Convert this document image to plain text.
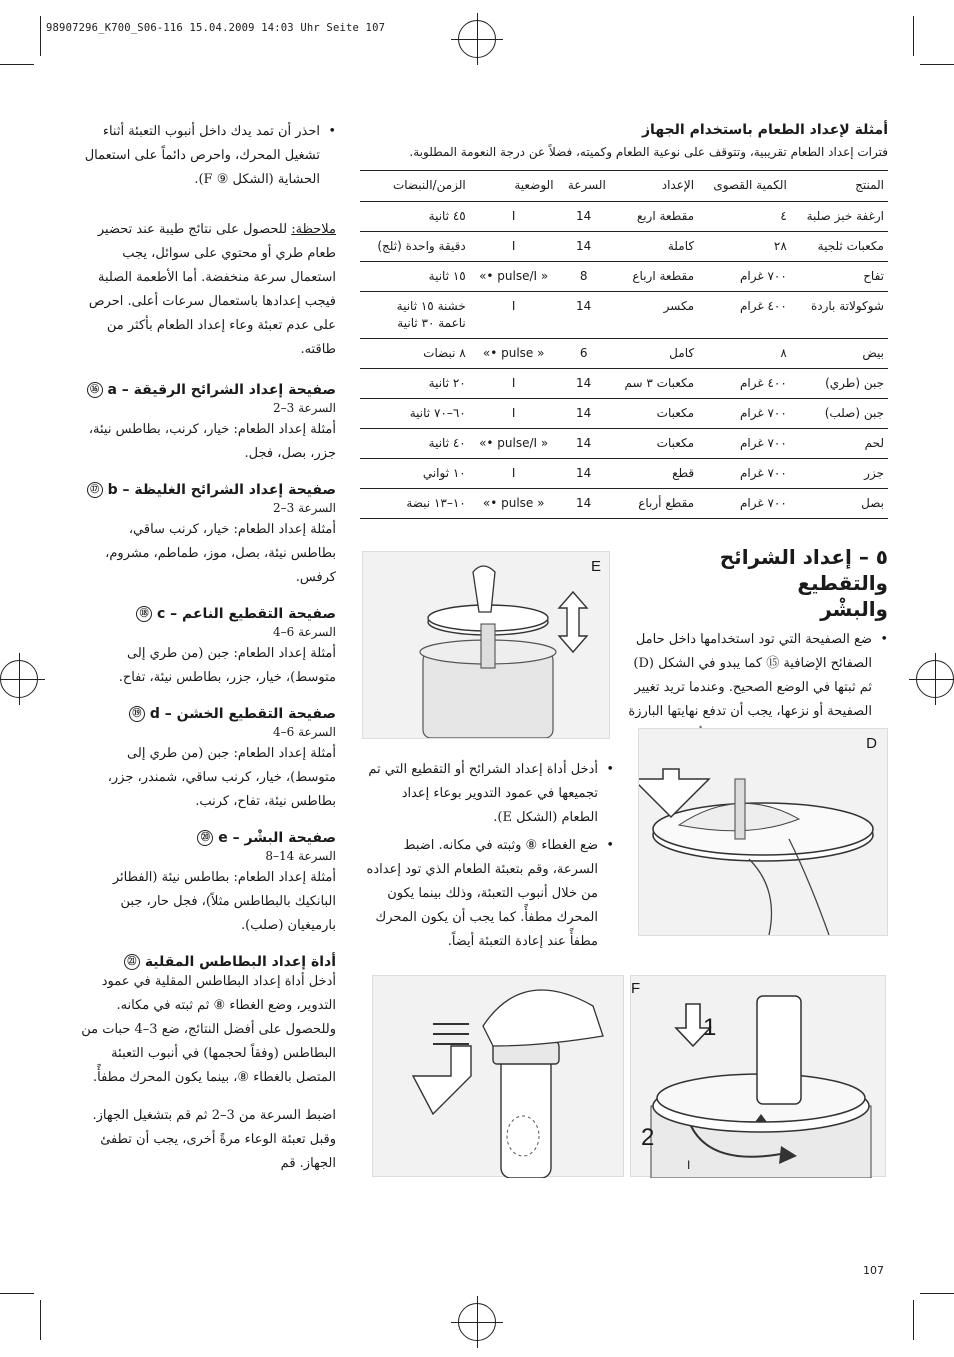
98907296_K700_S06-116 15.04.2009 14:03 Uhr Seite 107
•
احذر أن تمد يدك داخل أنبوب التعبئة أثناء تشغيل المحرك، واحرص دائماً على استعمال الحشاية (الشكل ⑨ F).
ملاحظة: للحصول على نتائج طيبة عند تحضير طعام طري أو محتوي على سوائل، يجب استعمال سرعة منخفضة. أما الأطعمة الصلبة فيجب إعدادها باستعمال سرعات أعلى. احرص على عدم تعبئة وعاء إعداد الطعام بأكثر من طاقته.
صفيحة إعداد الشرائح الرقيقة – a ⑯
السرعة 3–2
أمثلة إعداد الطعام: خيار، كرنب، بطاطس نيئة، جزر، بصل، فجل.
صفيحة إعداد الشرائح الغليظة – b ⑰
السرعة 3–2
أمثلة إعداد الطعام: خيار، كرنب ساقي، بطاطس نيئة، بصل، موز، طماطم، مشروم، كرفس.
صفيحة التقطيع الناعم – c ⑱
السرعة 6–4
أمثلة إعداد الطعام: جبن (من طري إلى متوسط)، خيار، جزر، بطاطس نيئة، تفاح.
صفيحة التقطيع الخشن – d ⑲
السرعة 6–4
أمثلة إعداد الطعام: جبن (من طري إلى متوسط)، خيار، كرنب ساقي، شمندر، جزر، بطاطس نيئة، تفاح، كرنب.
صفيحة البشْر – e ⑳
السرعة 14–8
أمثلة إعداد الطعام: بطاطس نيئة (الفطائر البانكيك بالبطاطس مثلاً)، فجل حار، جبن بارميغيان (صلب).
أداة إعداد البطاطس المقلية ㉑
أدخل أداة إعداد البطاطس المقلية في عمود التدوير، وضع الغطاء ⑧ ثم ثبته في مكانه. وللحصول على أفضل النتائج، ضع 3–4 حبات من البطاطس (وفقاً لحجمها) في أنبوب التعبئة المتصل بالغطاء ⑧، بينما يكون المحرك مطفأً.
اضبط السرعة من 3–2 ثم قم بتشغيل الجهاز. وقبل تعبئة الوعاء مرةً أخرى، يجب أن تطفئ الجهاز. قم
أمثلة لإعداد الطعام باستخدام الجهاز
فترات إعداد الطعام تقريبية، وتتوقف على نوعية الطعام وكميته، فضلاً عن درجة النعومة المطلوبة.
المنتج	الكمية القصوى	الإعداد	السرعة	الوضعية	الزمن/النبضات
ارغفة خبز صلبة	٤	مقطعة اربع	14	I	٤٥ ثانية
مكعبات ثلجية	٢٨	كاملة	14	I	دقيقة واحدة (ثلج)
تفاح	٧٠٠ غرام	مقطعة ارباع	8	« pulse/I •»	١٥ ثانية
شوكولاتة باردة	٤٠٠ غرام	مكسر	14	I	خشنة ١٥ ثانية
ناعمة ٣٠ ثانية
بيض	٨	كامل	6	« pulse •»	٨ نبضات
جبن (طري)	٤٠٠ غرام	مكعبات ٣ سم	14	I	٢٠ ثانية
جبن (صلب)	٧٠٠ غرام	مكعبات	14	I	٦٠–٧٠ ثانية
لحم	٧٠٠ غرام	مكعبات	14	« pulse/I •»	٤٠ ثانية
جزر	٧٠٠ غرام	قطع	14	I	١٠ ثواني
بصل	٧٠٠ غرام	مقطع أرباع	14	« pulse •»	١٠–١٣ نبضة
E	٥ – إعداد الشرائح والتقطيع
والبشْر
•
ضع الصفيحة التي تود استخدامها داخل حامل الصفائح الإضافية ⑮ كما يبدو في الشكل (D) ثم ثبتها في الوضع الصحيح. وعندما تريد تغيير الصفيحة أو نزعها، يجب أن تدفع نهايتها البارزة
D
•
أدخل أداة إعداد الشرائح أو التقطيع التي تم تجميعها في عمود التدوير بوعاء إعداد الطعام (الشكل E).
•
ضع الغطاء ⑧ وثبته في مكانه. اضبط السرعة، وقم بتعبئة الطعام الذي تود إعداده من خلال أنبوب التعبئة، وذلك بينما يكون المحرك مطفأً. كما يجب أن يكون المحرك مطفأً عند إعادة التعبئة أيضاً.
1
2
I
F
107
